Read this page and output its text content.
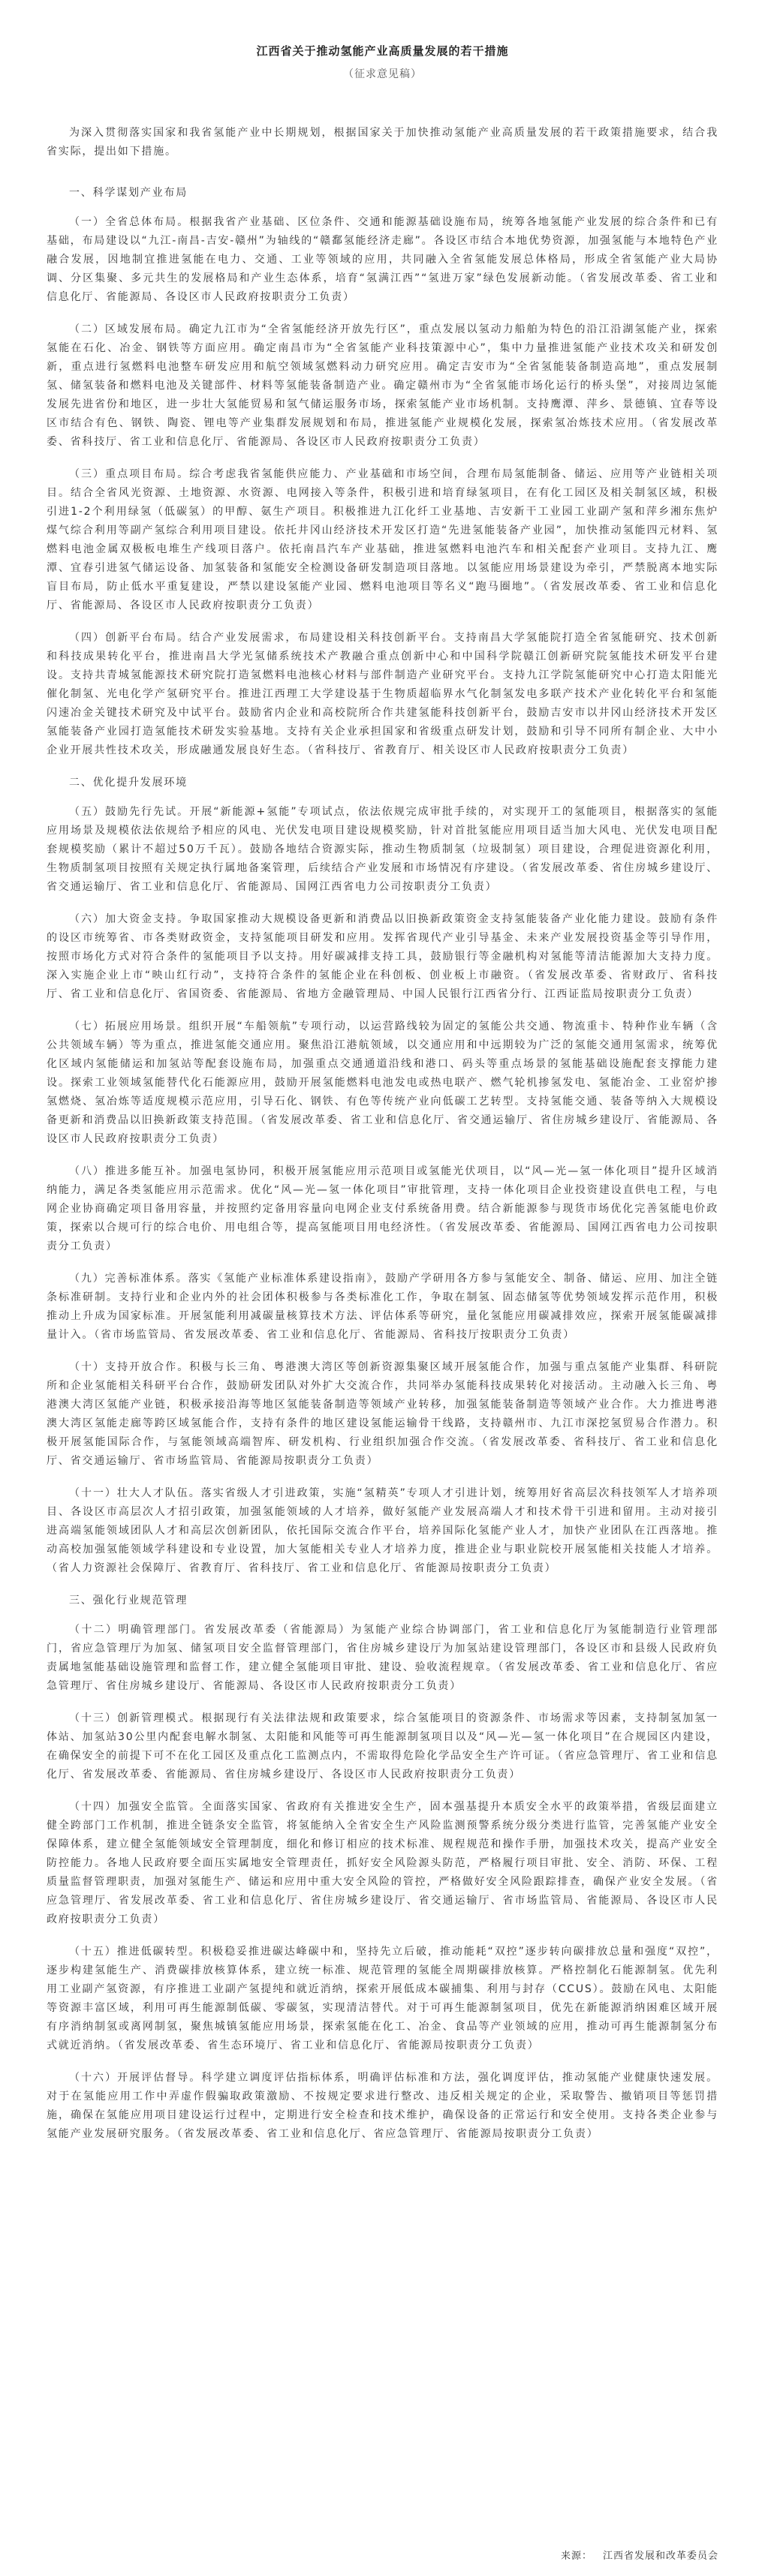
江西省关于推动氢能产业高质量发展的若干措施
（征求意见稿）

为深入贯彻落实国家和我省氢能产业中长期规划，根据国家关于加快推动氢能产业高质量发展的若干政策措施要求，结合我省实际，提出如下措施。

一、科学谋划产业布局

（一）全省总体布局。根据我省产业基础、区位条件、交通和能源基础设施布局，统筹各地氢能产业发展的综合条件和已有基础，布局建设以“九江-南昌-吉安-赣州”为轴线的“赣鄱氢能经济走廊”。各设区市结合本地优势资源，加强氢能与本地特色产业融合发展，因地制宜推进氢能在电力、交通、工业等领域的应用，共同融入全省氢能发展总体格局，形成全省氢能产业大局协调、分区集聚、多元共生的发展格局和产业生态体系，培育“氢满江西”“氢进万家”绿色发展新动能。（省发展改革委、省工业和信息化厅、省能源局、各设区市人民政府按职责分工负责）

（二）区域发展布局。确定九江市为“全省氢能经济开放先行区”，重点发展以氢动力船舶为特色的沿江沿湖氢能产业，探索氢能在石化、冶金、钢铁等方面应用。确定南昌市为“全省氢能产业科技策源中心”，集中力量推进氢能产业技术攻关和研发创新，重点进行氢燃料电池整车研发应用和航空领域氢燃料动力研究应用。确定吉安市为“全省氢能装备制造高地”，重点发展制氢、储氢装备和燃料电池及关键部件、材料等氢能装备制造产业。确定赣州市为“全省氢能市场化运行的桥头堡”，对接周边氢能发展先进省份和地区，进一步壮大氢能贸易和氢气储运服务市场，探索氢能产业市场机制。支持鹰潭、萍乡、景德镇、宜春等设区市结合有色、钢铁、陶瓷、锂电等产业集群发展规划和布局，推进氢能产业规模化发展，探索氢冶炼技术应用。（省发展改革委、省科技厅、省工业和信息化厅、省能源局、各设区市人民政府按职责分工负责）

（三）重点项目布局。综合考虑我省氢能供应能力、产业基础和市场空间，合理布局氢能制备、储运、应用等产业链相关项目。结合全省风光资源、土地资源、水资源、电网接入等条件，积极引进和培育绿氢项目，在有化工园区及相关制氢区域，积极引进1-2个利用绿氢（低碳氢）的甲醇、氨生产项目。积极推进九江化纤工业基地、吉安新干工业园工业副产氢和萍乡湘东焦炉煤气综合利用等副产氢综合利用项目建设。依托井冈山经济技术开发区打造“先进氢能装备产业园”，加快推动氢能四元材料、氢燃料电池金属双极板电堆生产线项目落户。依托南昌汽车产业基础，推进氢燃料电池汽车和相关配套产业项目。支持九江、鹰潭、宜春引进氢气储运设备、加氢装备和氢能安全检测设备研发制造项目落地。以氢能应用场景建设为牵引，严禁脱离本地实际盲目布局，防止低水平重复建设，严禁以建设氢能产业园、燃料电池项目等名义“跑马圈地”。（省发展改革委、省工业和信息化厅、省能源局、各设区市人民政府按职责分工负责）

（四）创新平台布局。结合产业发展需求，布局建设相关科技创新平台。支持南昌大学氢能院打造全省氢能研究、技术创新和科技成果转化平台，推进南昌大学光氢储系统技术产教融合重点创新中心和中国科学院赣江创新研究院氢能技术研发平台建设。支持共青城氢能源技术研究院打造氢燃料电池核心材料与部件制造产业研究平台。支持九江学院氢能研究中心打造太阳能光催化制氢、光电化学产氢研究平台。推进江西理工大学建设基于生物质超临界水气化制氢发电多联产技术产业化转化平台和氢能闪速冶金关键技术研究及中试平台。鼓励省内企业和高校院所合作共建氢能科技创新平台，鼓励吉安市以井冈山经济技术开发区氢能装备产业园打造氢能技术研发实验基地。支持有关企业承担国家和省级重点研发计划，鼓励和引导不同所有制企业、大中小企业开展共性技术攻关，形成融通发展良好生态。（省科技厅、省教育厅、相关设区市人民政府按职责分工负责）

二、优化提升发展环境

（五）鼓励先行先试。开展“新能源+氢能”专项试点，依法依规完成审批手续的，对实现开工的氢能项目，根据落实的氢能应用场景及规模依法依规给予相应的风电、光伏发电项目建设规模奖励，针对首批氢能应用项目适当加大风电、光伏发电项目配套规模奖励（累计不超过50万千瓦）。鼓励各地结合资源实际，推动生物质制氢（垃圾制氢）项目建设，合理促进资源化利用，生物质制氢项目按照有关规定执行属地备案管理，后续结合产业发展和市场情况有序建设。（省发展改革委、省住房城乡建设厅、省交通运输厅、省工业和信息化厅、省能源局、国网江西省电力公司按职责分工负责）

（六）加大资金支持。争取国家推动大规模设备更新和消费品以旧换新政策资金支持氢能装备产业化能力建设。鼓励有条件的设区市统筹省、市各类财政资金，支持氢能项目研发和应用。发挥省现代产业引导基金、未来产业发展投资基金等引导作用，按照市场化方式对符合条件的氢能项目予以支持。用好碳减排支持工具，鼓励银行等金融机构对氢能等清洁能源加大支持力度。深入实施企业上市“映山红行动”，支持符合条件的氢能企业在科创板、创业板上市融资。（省发展改革委、省财政厅、省科技厅、省工业和信息化厅、省国资委、省能源局、省地方金融管理局、中国人民银行江西省分行、江西证监局按职责分工负责）

（七）拓展应用场景。组织开展“车船领航”专项行动，以运营路线较为固定的氢能公共交通、物流重卡、特种作业车辆（含公共领域车辆）等为重点，推进氢能交通应用。聚焦沿江港航领域，以交通应用和中远期较为广泛的氢能交通用氢需求，统筹优化区域内氢能储运和加氢站等配套设施布局，加强重点交通通道沿线和港口、码头等重点场景的氢能基础设施配套支撑能力建设。探索工业领域氢能替代化石能源应用，鼓励开展氢能燃料电池发电或热电联产、燃气轮机掺氢发电、氢能冶金、工业窑炉掺氢燃烧、氢冶炼等适度规模示范应用，引导石化、钢铁、有色等传统产业向低碳工艺转型。支持氢能交通、装备等纳入大规模设备更新和消费品以旧换新政策支持范围。（省发展改革委、省工业和信息化厅、省交通运输厅、省住房城乡建设厅、省能源局、各设区市人民政府按职责分工负责）

（八）推进多能互补。加强电氢协同，积极开展氢能应用示范项目或氢能光伏项目，以“风—光—氢一体化项目”提升区域消纳能力，满足各类氢能应用示范需求。优化“风—光—氢一体化项目”审批管理，支持一体化项目企业投资建设直供电工程，与电网企业协商确定项目备用容量，并按照约定备用容量向电网企业支付系统备用费。结合新能源参与现货市场优化完善氢能电价政策，探索以合规可行的综合电价、用电组合等，提高氢能项目用电经济性。（省发展改革委、省能源局、国网江西省电力公司按职责分工负责）

（九）完善标准体系。落实《氢能产业标准体系建设指南》，鼓励产学研用各方参与氢能安全、制备、储运、应用、加注全链条标准研制。支持行业和企业内外的社会团体积极参与各类标准化工作，争取在制氢、固态储氢等优势领域发挥示范作用，积极推动上升成为国家标准。开展氢能利用减碳量核算技术方法、评估体系等研究，量化氢能应用碳减排效应，探索开展氢能碳减排量计入。（省市场监管局、省发展改革委、省工业和信息化厅、省能源局、省科技厅按职责分工负责）

（十）支持开放合作。积极与长三角、粤港澳大湾区等创新资源集聚区域开展氢能合作，加强与重点氢能产业集群、科研院所和企业氢能相关科研平台合作，鼓励研发团队对外扩大交流合作，共同举办氢能科技成果转化对接活动。主动融入长三角、粤港澳大湾区氢能产业链，积极承接沿海等地区氢能装备制造等领域产业转移，加强氢能装备制造等领域产业合作。大力推进粤港澳大湾区氢能走廊等跨区域氢能合作，支持有条件的地区建设氢能运输骨干线路，支持赣州市、九江市深挖氢贸易合作潜力。积极开展氢能国际合作，与氢能领域高端智库、研发机构、行业组织加强合作交流。（省发展改革委、省科技厅、省工业和信息化厅、省交通运输厅、省市场监管局、省能源局按职责分工负责）

（十一）壮大人才队伍。落实省级人才引进政策，实施“氢精英”专项人才引进计划，统筹用好省高层次科技领军人才培养项目、各设区市高层次人才招引政策，加强氢能领域的人才培养，做好氢能产业发展高端人才和技术骨干引进和留用。主动对接引进高端氢能领域团队人才和高层次创新团队，依托国际交流合作平台，培养国际化氢能产业人才，加快产业团队在江西落地。推动高校加强氢能领域学科建设和专业设置，加大氢能相关专业人才培养力度，推进企业与职业院校开展氢能相关技能人才培养。（省人力资源社会保障厅、省教育厅、省科技厅、省工业和信息化厅、省能源局按职责分工负责）

三、强化行业规范管理

（十二）明确管理部门。省发展改革委（省能源局）为氢能产业综合协调部门，省工业和信息化厅为氢能制造行业管理部门，省应急管理厅为加氢、储氢项目安全监督管理部门，省住房城乡建设厅为加氢站建设管理部门，各设区市和县级人民政府负责属地氢能基础设施管理和监督工作，建立健全氢能项目审批、建设、验收流程规章。（省发展改革委、省工业和信息化厅、省应急管理厅、省住房城乡建设厅、省能源局、各设区市人民政府按职责分工负责）

（十三）创新管理模式。根据现行有关法律法规和政策要求，综合氢能项目的资源条件、市场需求等因素，支持制氢加氢一体站、加氢站30公里内配套电解水制氢、太阳能和风能等可再生能源制氢项目以及“风—光—氢一体化项目”在合规园区内建设，在确保安全的前提下可不在化工园区及重点化工监测点内，不需取得危险化学品安全生产许可证。（省应急管理厅、省工业和信息化厅、省发展改革委、省能源局、省住房城乡建设厅、各设区市人民政府按职责分工负责）

（十四）加强安全监管。全面落实国家、省政府有关推进安全生产，固本强基提升本质安全水平的政策举措，省级层面建立健全跨部门工作机制，推进全链条安全监管，将氢能纳入全省安全生产风险监测预警系统分级分类进行监管，完善氢能产业安全保障体系，建立健全氢能领域安全管理制度，细化和修订相应的技术标准、规程规范和操作手册，加强技术攻关，提高产业安全防控能力。各地人民政府要全面压实属地安全管理责任，抓好安全风险源头防范，严格履行项目审批、安全、消防、环保、工程质量监督管理职责，加强对氢能生产、储运和应用中重大安全风险的管控，严格做好安全风险跟踪排查，确保产业安全发展。（省应急管理厅、省发展改革委、省工业和信息化厅、省住房城乡建设厅、省交通运输厅、省市场监管局、省能源局、各设区市人民政府按职责分工负责）

（十五）推进低碳转型。积极稳妥推进碳达峰碳中和，坚持先立后破，推动能耗“双控”逐步转向碳排放总量和强度“双控”，逐步构建氢能生产、消费碳排放核算体系，建立统一标准、规范管理的氢能全周期碳排放核算。严格控制化石能源制氢。优先利用工业副产氢资源，有序推进工业副产氢提纯和就近消纳，探索开展低成本碳捕集、利用与封存（CCUS）。鼓励在风电、太阳能等资源丰富区域，利用可再生能源制低碳、零碳氢，实现清洁替代。对于可再生能源制氢项目，优先在新能源消纳困难区域开展有序消纳制氢或离网制氢，聚焦城镇氢能应用场景，探索氢能在化工、冶金、食品等产业领域的应用，推动可再生能源制氢分布式就近消纳。（省发展改革委、省生态环境厅、省工业和信息化厅、省能源局按职责分工负责）

（十六）开展评估督导。科学建立调度评估指标体系，明确评估标准和方法，强化调度评估，推动氢能产业健康快速发展。对于在氢能应用工作中弄虚作假骗取政策激励、不按规定要求进行整改、违反相关规定的企业，采取警告、撤销项目等惩罚措施，确保在氢能应用项目建设运行过程中，定期进行安全检查和技术维护，确保设备的正常运行和安全使用。支持各类企业参与氢能产业发展研究服务。（省发展改革委、省工业和信息化厅、省应急管理厅、省能源局按职责分工负责）

来源： 江西省发展和改革委员会
